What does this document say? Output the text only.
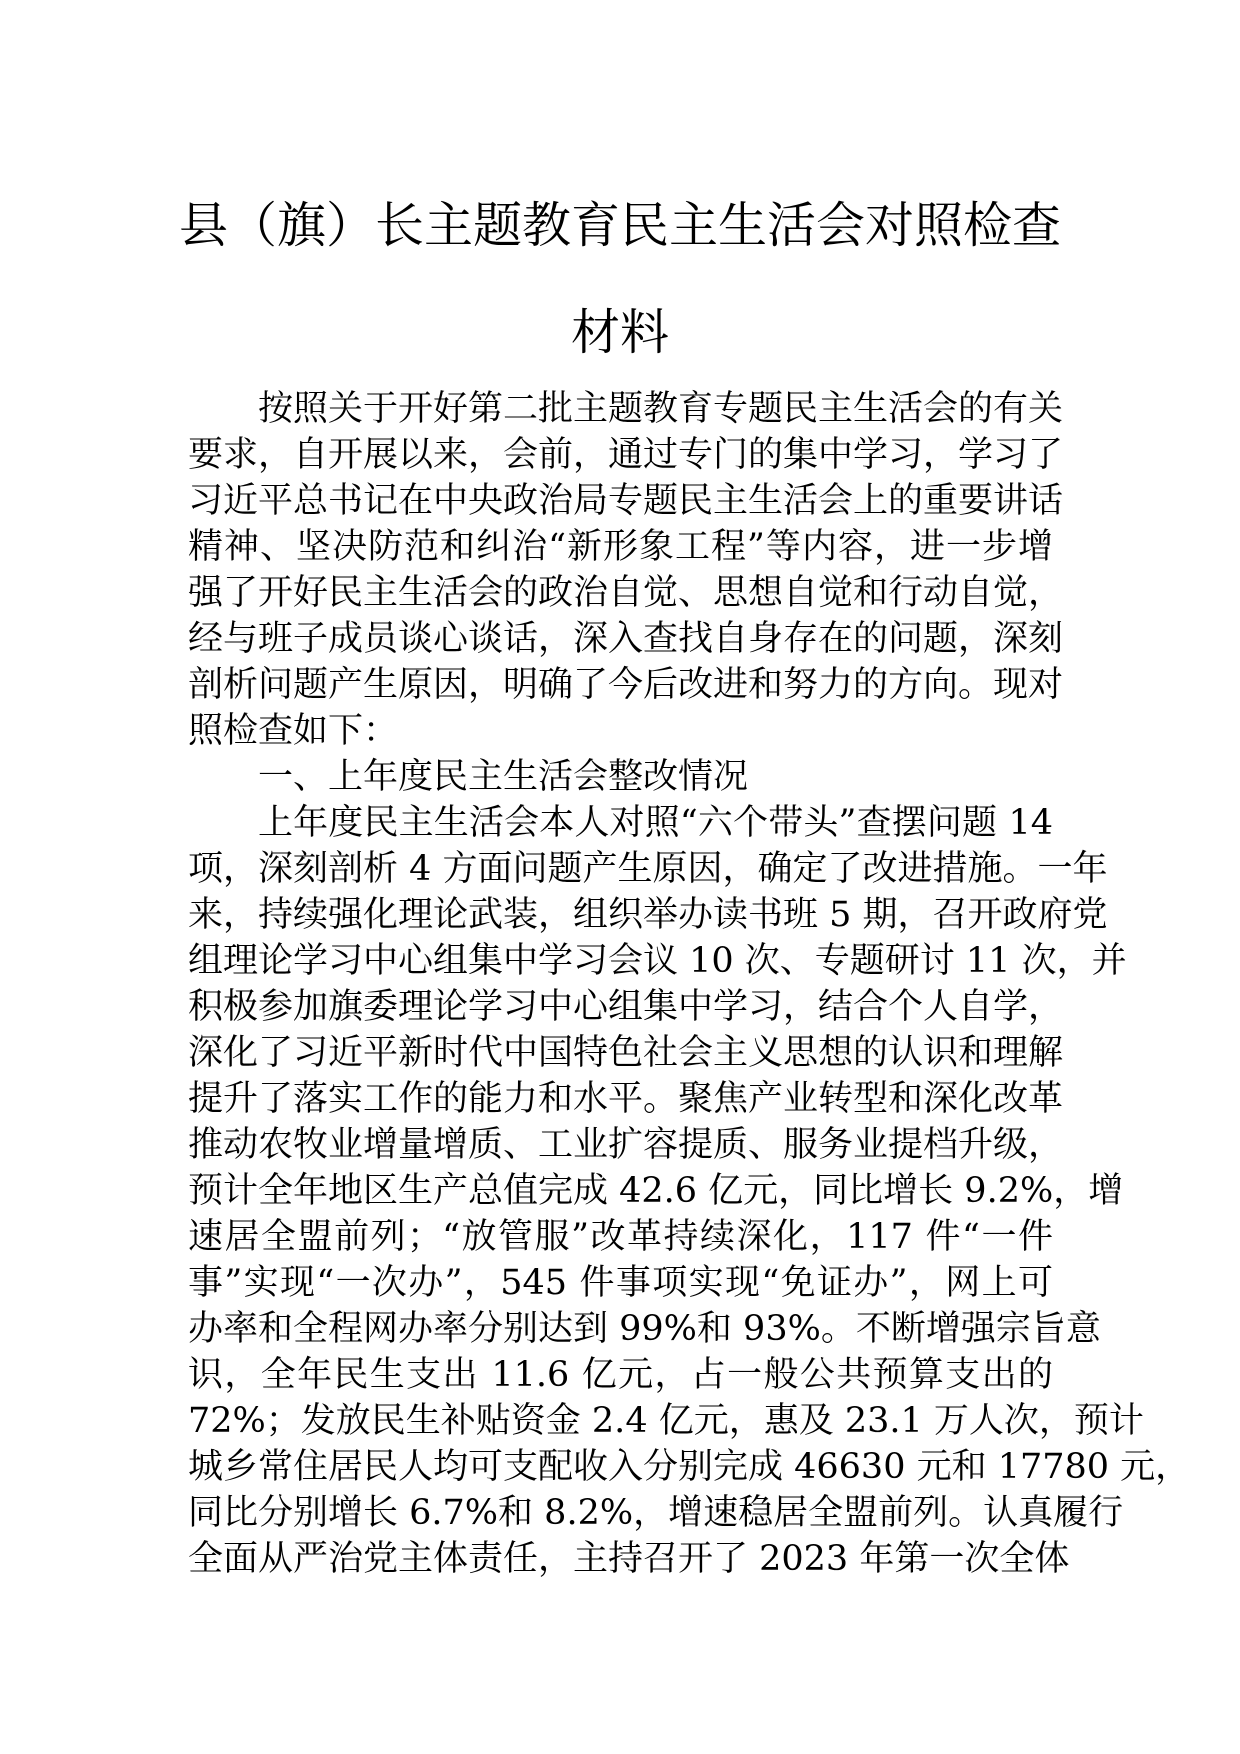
县（旗）长主题教育民主生活会对照检查
材料
按照关于开好第二批主题教育专题民主生活会的有关
要求，自开展以来，会前，通过专门的集中学习，学习了
习近平总书记在中央政治局专题民主生活会上的重要讲话
精神、坚决防范和纠治“新形象工程”等内容，进一步增
强了开好民主生活会的政治自觉、思想自觉和行动自觉，
经与班子成员谈心谈话，深入查找自身存在的问题，深刻
剖析问题产生原因，明确了今后改进和努力的方向。现对
照检查如下：
一、上年度民主生活会整改情况
上年度民主生活会本人对照“六个带头”查摆问题 14
项，深刻剖析 4 方面问题产生原因，确定了改进措施。一年
来，持续强化理论武装，组织举办读书班 5 期，召开政府党
组理论学习中心组集中学习会议 10 次、专题研讨 11 次，并
积极参加旗委理论学习中心组集中学习，结合个人自学，
深化了习近平新时代中国特色社会主义思想的认识和理解
提升了落实工作的能力和水平。聚焦产业转型和深化改革
推动农牧业增量增质、工业扩容提质、服务业提档升级，
预计全年地区生产总值完成 42.6 亿元，同比增长 9.2%，增
速居全盟前列；“放管服”改革持续深化，117 件“一件
事”实现“一次办”，545 件事项实现“免证办”，网上可
办率和全程网办率分别达到 99%和 93%。不断增强宗旨意
识，全年民生支出 11.6 亿元，占一般公共预算支出的
72%；发放民生补贴资金 2.4 亿元，惠及 23.1 万人次，预计
城乡常住居民人均可支配收入分别完成 46630 元和 17780 元，
同比分别增长 6.7%和 8.2%，增速稳居全盟前列。认真履行
全面从严治党主体责任，主持召开了 2023 年第一次全体
